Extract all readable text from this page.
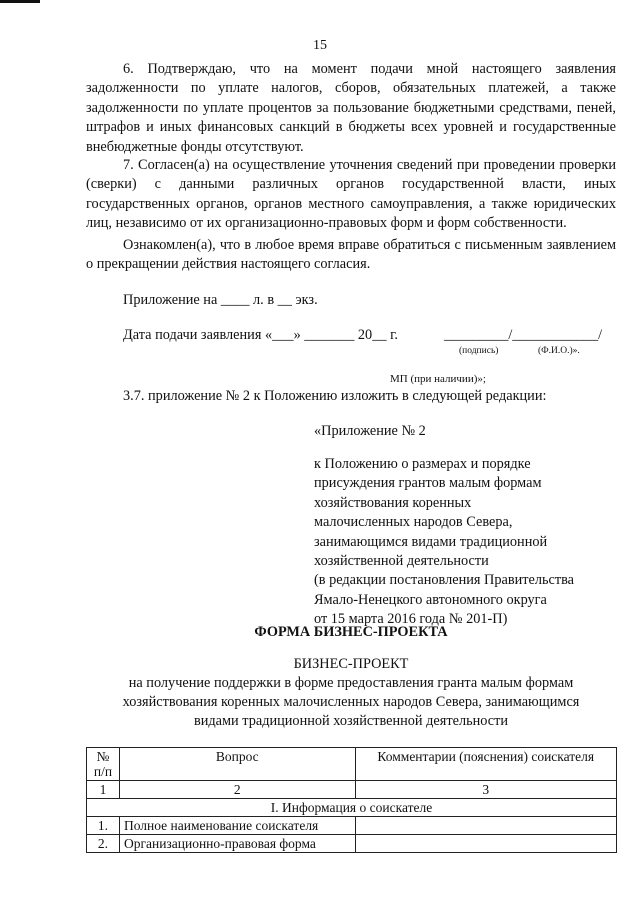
15
6. Подтверждаю, что на момент подачи мной настоящего заявления задолженности по уплате налогов, сборов, обязательных платежей, а также задолженности по уплате процентов за пользование бюджетными средствами, пеней, штрафов и иных финансовых санкций в бюджеты всех уровней и государственные внебюджетные фонды отсутствуют.
7. Согласен(а) на осуществление уточнения сведений при проведении проверки (сверки) с данными различных органов государственной власти, иных государственных органов, органов местного самоуправления, а также юридических лиц, независимо от их организационно-правовых форм и форм собственности.
Ознакомлен(а), что в любое время вправе обратиться с письменным заявлением о прекращении действия настоящего согласия.
Приложение на ____ л. в __ экз.
Дата подачи заявления «___» _______ 20__ г.	_________/____________/
(подпись)	(Ф.И.О.)».
МП (при наличии)»;
3.7. приложение № 2 к Положению изложить в следующей редакции:
«Приложение № 2
к Положению о размерах и порядке
присуждения грантов малым формам
хозяйствования коренных
малочисленных народов Севера,
занимающимся видами традиционной
хозяйственной деятельности
(в редакции постановления Правительства
Ямало-Ненецкого автономного округа
от 15 марта 2016 года № 201-П)
ФОРМА БИЗНЕС-ПРОЕКТА
БИЗНЕС-ПРОЕКТ
на получение поддержки в форме предоставления гранта малым формам
хозяйствования коренных малочисленных народов Севера, занимающимся
видами традиционной хозяйственной деятельности
№ п/п	Вопрос	Комментарии (пояснения) соискателя
1	2	3
I. Информация о соискателе		
1.	Полное наименование соискателя	
2.	Организационно-правовая форма	
